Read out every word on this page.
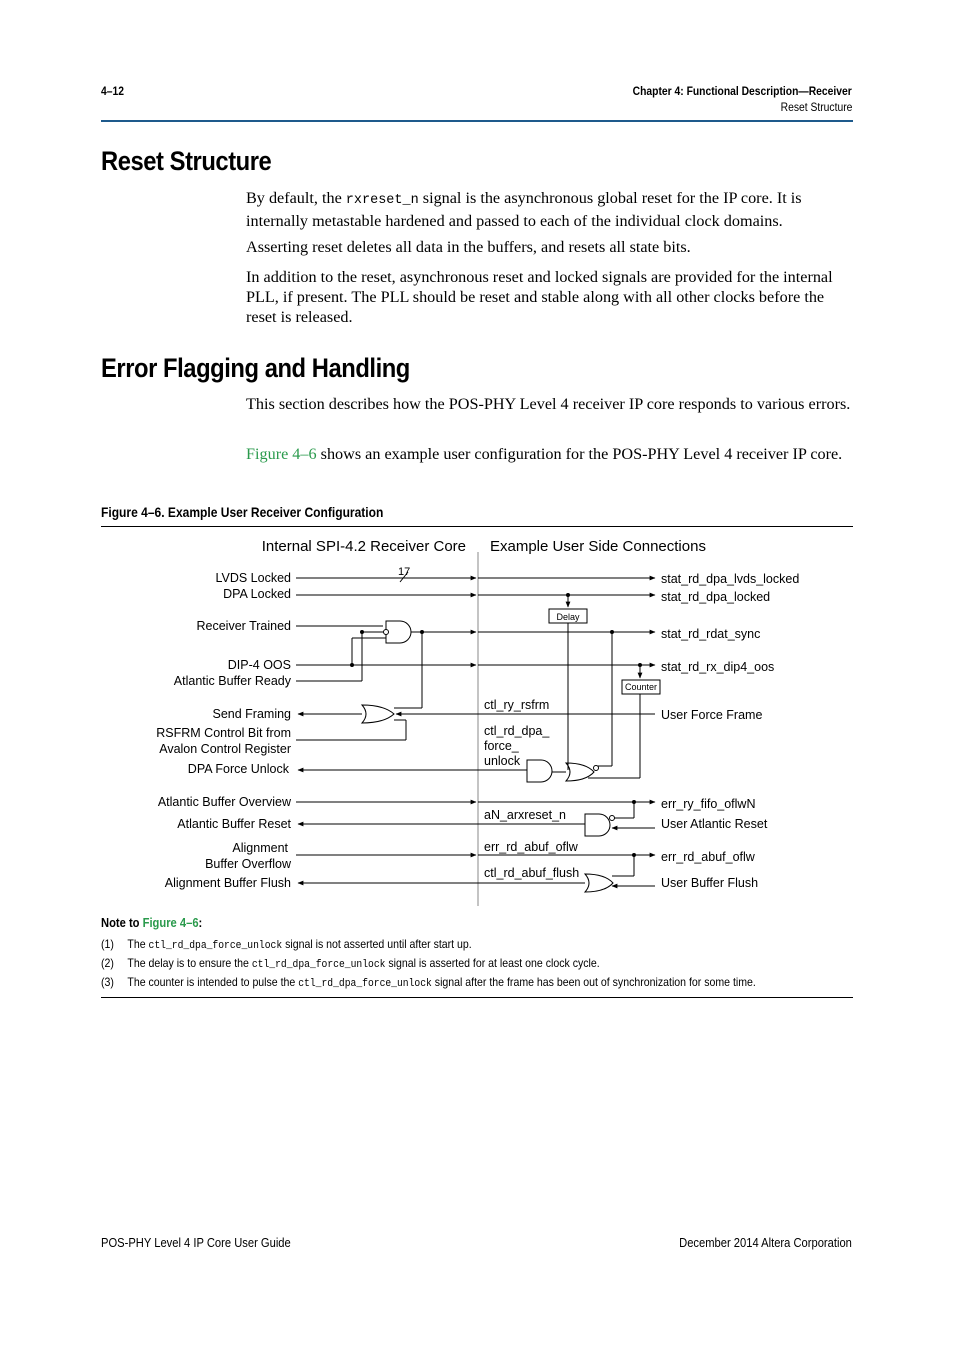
4–12	Chapter 4: Functional Description—Receiver
Reset Structure
Reset Structure

By default, the rxreset_n signal is the asynchronous global reset for the IP core. It is internally metastable hardened and passed to each of the individual clock domains.

Asserting reset deletes all data in the buffers, and resets all state bits.

In addition to the reset, asynchronous reset and locked signals are provided for the internal PLL, if present. The PLL should be reset and stable along with all other clocks before the reset is released.

Error Flagging and Handling

This section describes how the POS-PHY Level 4 receiver IP core responds to various errors.

Figure 4–6 shows an example user configuration for the POS-PHY Level 4 receiver IP core.

Figure 4–6. Example User Receiver Configuration
Internal SPI-4.2 Receiver Core Example User Side Connections
17
LVDS Locked
DPA Locked
Receiver Trained
DIP-4 OOS
Atlantic Buffer Ready
Send Framing
RSFRM Control Bit from
Avalon Control Register
DPA Force Unlock
Atlantic Buffer Overview
Atlantic Buffer Reset
Alignment
Buffer Overflow
Alignment Buffer Flush
stat_rd_dpa_lvds_locked
stat_rd_dpa_locked
stat_rd_rdat_sync
stat_rd_rx_dip4_oos
User Force Frame
err_ry_fifo_oflwN
User Atlantic Reset
err_rd_abuf_oflw
User Buffer Flush
ctl_ry_rsfrm
ctl_rd_dpa_
force_
unlock
aN_arxreset_n
err_rd_abuf_oflw
ctl_rd_abuf_flush
Delay
Counter
Note to Figure 4–6:
(1) The ctl_rd_dpa_force_unlock signal is not asserted until after start up.
(2) The delay is to ensure the ctl_rd_dpa_force_unlock signal is asserted for at least one clock cycle.
(3) The counter is intended to pulse the ctl_rd_dpa_force_unlock signal after the frame has been out of synchronization for some time.
POS-PHY Level 4 IP Core User Guide	December 2014 Altera Corporation
